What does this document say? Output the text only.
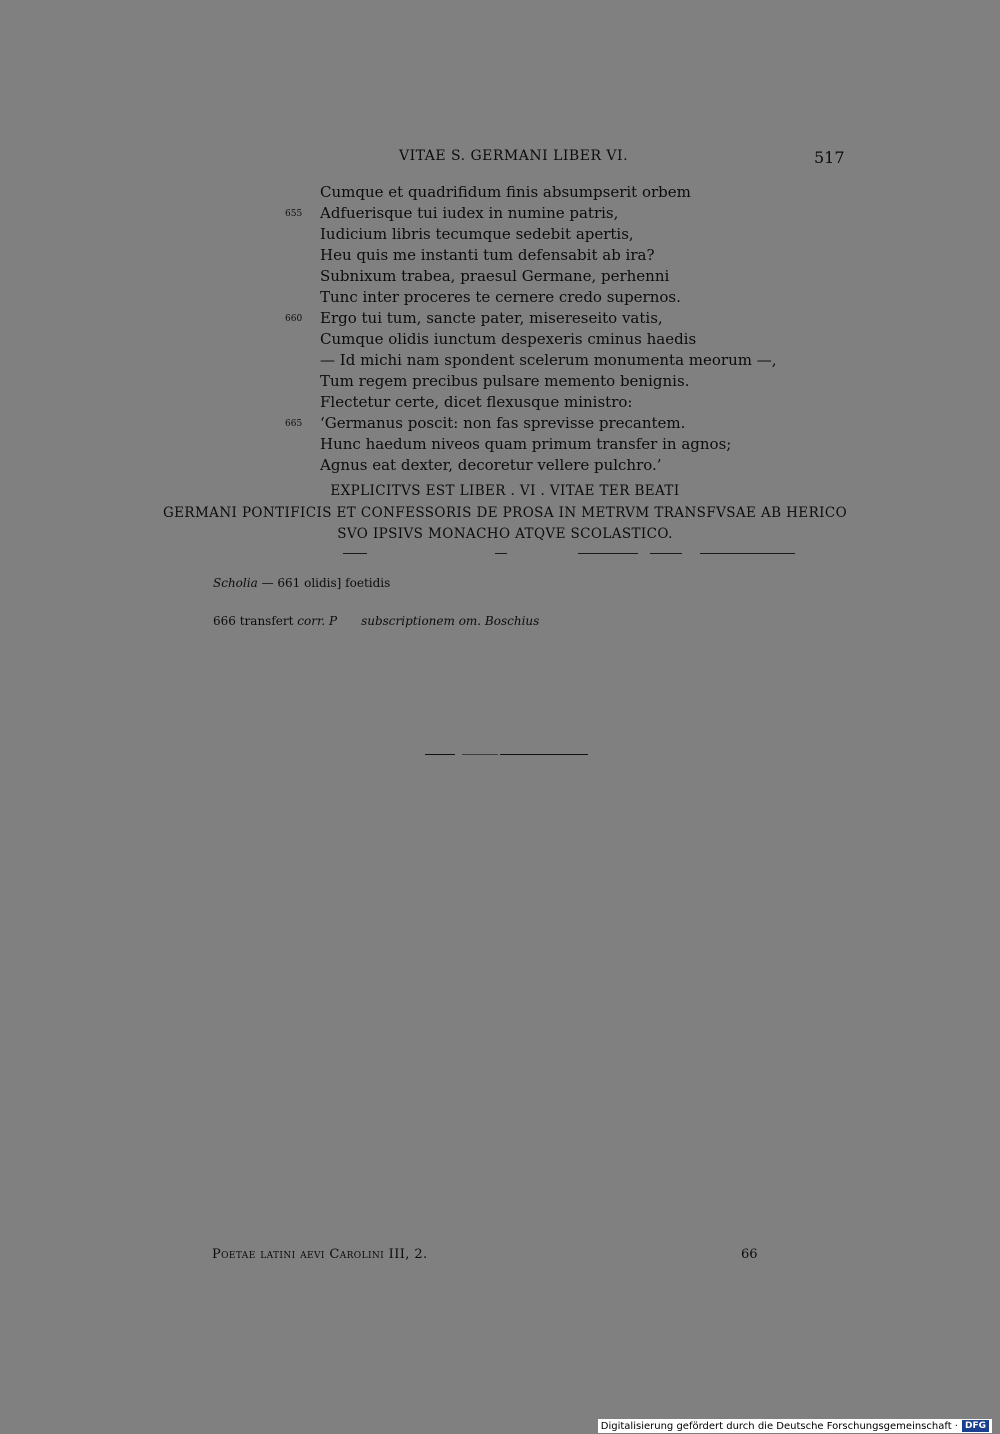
VITAE S. GERMANI LIBER VI.	517
Cumque et quadrifidum finis absumpserit orbem
655 Adfuerisque tui iudex in numine patris,
Iudicium libris tecumque sedebit apertis,
Heu quis me instanti tum defensabit ab ira?
Subnixum trabea, praesul Germane, perhenni
Tunc inter proceres te cernere credo supernos.
660 Ergo tui tum, sancte pater, misereseito vatis,
Cumque olidis iunctum despexeris cminus haedis
— Id michi nam spondent scelerum monumenta meorum —,
Tum regem precibus pulsare memento benignis.
Flectetur certe, dicet flexusque ministro:
665 ‘Germanus poscit: non fas sprevisse precantem.
Hunc haedum niveos quam primum transfer in agnos;
Agnus eat dexter, decoretur vellere pulchro.’
EXPLICITVS EST LIBER . VI . VITAE TER BEATI
GERMANI PONTIFICIS ET CONFESSORIS DE PROSA IN METRVM TRANSFVSAE AB HERICO
SVO IPSIVS MONACHO ATQVE SCOLASTICO.
Scholia — 661 olidis] foetidis
666 transfert corr. P subscriptionem om. Boschius
Poetae latini aevi Carolini III, 2.	66
Digitalisierung gefördert durch die Deutsche Forschungsgemeinschaft · DFG
